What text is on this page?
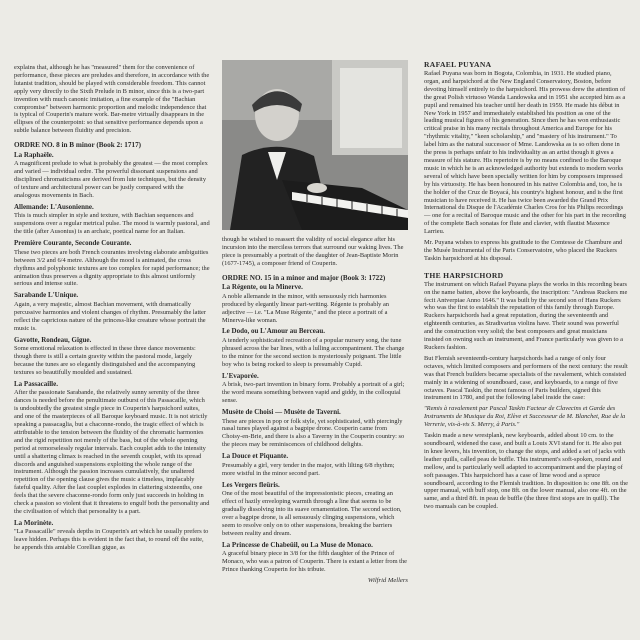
explains that, although he has "measured" them for the convenience of performance, these pieces are preludes and therefore, in accordance with the lutanist tradition, should be played with considerable freedom. This cannot apply very directly to the Sixth Prelude in B minor, since this is a two-part invention with much canonic imitation, a fine example of the "Bachian compromise" between harmonic proportion and melodic independence that is typical of Couperin's mature work. Bar-metre virtually disappears in the ellipses of the counterpoint: so that sensitive performance depends upon a subtle balance between fluidity and precision.

ORDRE NO. 8 in B minor (Book 2: 1717)
La Raphaële.

A magnificent prelude to what is probably the greatest — the most complex and varied — individual ordre. The powerful dissonant suspensions and disciplined chromaticisms are derived from lute techniques, but the density of texture and architectural power can be justly compared with the analogous movements in Bach.

Allemande: L'Ausonienne.

This is much simpler in style and texture, with Bachian sequences and suspensions over a regular metrical pulse. The mood is warmly pastoral, and the title (after Ausonius) is an archaic, poetical name for an Italian.

Première Courante, Seconde Courante.

These two pieces are both French courantes involving elaborate ambiguities between 3/2 and 6/4 metre. Although the mood is animated, the cross rhythms and polyphonic textures are too complex for rapid performance; the animation thus preserves a dignity appropriate to this almost uniformly serious and intense suite.

Sarabande L'Unique.

Again, a very majestic, almost Bachian movement, with dramatically percussive harmonies and violent changes of rhythm. Presumably the latter reflect the capricious nature of the princess-like creature whose portrait the music is.

Gavotte, Rondeau, Gigue.

Some emotional relaxation is effected in these three dance movements: though there is still a certain gravity within the pastoral mode, largely because the tunes are so elegantly distinguished and the accompanying textures so beautifully moulded and sustained.

La Passacaille.

After the passionate Sarabande, the relatively sunny serenity of the three dances is needed before the penultimate outburst of this Passacaille, which is undoubtedly the greatest single piece in Couperin's harpsichord suites, and one of the masterpieces of all Baroque keyboard music. It is not strictly speaking a passacaglia, but a chaconne-rondo, the tragic effect of which is attributable to the tension between the fluidity of the chromatic harmonies and the rigid repetition not merely of the bass, but of the whole opening period at remorselessly regular intervals. Each couplet adds to the intensity until a shattering climax is reached in the seventh couplet, with its spread discords and anguished suspensions exploiting the whole range of the instrument. Although the passion increases cumulatively, the unaltered repetition of the opening clause gives the music a timeless, implacably fateful quality. After the last couplet explodes in clattering sixteenths, one feels that the severe chaconne-rondo form only just succeeds in holding in check a passion so violent that it threatens to engulf both the personality and the civilisation of which that personality is a part.

La Morinète.

"La Passacaille" reveals depths in Couperin's art which he usually prefers to leave hidden. Perhaps this is evident in the fact that, to round off the suite, he appends this amiable Corellian gigue, as

though he wished to reassert the validity of social elegance after his incursion into the merciless terrors that surround our waking lives. The piece is presumably a portrait of the daughter of Jean-Baptiste Morin (1677-1745), a composer friend of Couperin.

ORDRE NO. 15 in a minor and major (Book 3: 1722)
La Régente, ou la Minerve.

A noble allemande in the minor, with sensuously rich harmonies produced by elegantly linear part-writing. Régente is probably an adjective — i.e. "La Muse Régente," and the piece a portrait of a Minerva-like woman.

Le Dodo, ou L'Amour au Berceau.

A tenderly sophisticated recreation of a popular nursery song, the tune phrased across the bar lines, with a lulling accompaniment. The change to the minor for the second section is mysteriously poignant. The little boy who is being rocked to sleep is presumably Cupid.

L'Evaporée.

A brisk, two-part invention in binary form. Probably a portrait of a girl; the word means something between vapid and giddy, in the colloquial sense.

Musète de Choisi — Musète de Taverni.

These are pieces in pop or folk style, yet sophisticated, with piercingly nasal tunes played against a bagpipe drone. Couperin came from Choisy-en-Brie, and there is also a Taverny in the Couperin country: so the pieces may be reminiscences of childhood delights.

La Douce et Piquante.

Presumably a girl, very tender in the major, with lilting 6/8 rhythm; more wistful in the minor second part.

Les Vergers fleüris.

One of the most beautiful of the impressionistic pieces, creating an effect of hazily enveloping warmth through a line that seems to be gradually dissolving into its suave ornamentation. The second section, over a bagpipe drone, is all sensuously clinging suspensions, which seem to resolve only on to other suspensions, breaking the barriers between reality and dream.

La Princesse de Chabeüil, ou La Muse de Monaco.

A graceful binary piece in 3/8 for the fifth daughter of the Prince of Monaco, who was a patron of Couperin. There is extant a letter from the Prince thanking Couperin for his tribute.

Wilfrid Mellers
RAFAEL PUYANA

Rafael Puyana was born in Bogota, Colombia, in 1931. He studied piano, organ, and harpsichord at the New England Conservatory, Boston, before devoting himself entirely to the harpsichord. His prowess drew the attention of the great Polish virtuoso Wanda Landowska and in 1951 she accepted him as a pupil and remained his teacher until her death in 1959. He made his début in New York in 1957 and immediately established his position as one of the leading musical figures of his generation. Since then he has won enthusiastic critical praise in his many recitals throughout America and Europe for his "rhythmic vitality," "keen scholarship," and "mastery of his instrument." To label him as the natural successor of Mme. Landowska as is so often done in the press is perhaps unfair to his individuality as an artist though it gives a measure of his stature. His repertoire is by no means confined to the Baroque music in which he is an acknowledged authority but extends to modern works several of which have been specially written for him by composers impressed by his virtuosity. He has been honoured in his native Colombia and, too, he is the holder of the Cruz de Boyacá, his country's highest honour, and is the first musician to have received it. He has twice been awarded the Grand Prix International du Disque de l'Académie Charles Cros for his Philips recordings — one for a recital of Baroque music and the other for his part in the recording of the complete Bach sonatas for flute and clavier, with flautist Maxence Larrieu.

Mr. Puyana wishes to express his gratitude to the Comtesse de Chambure and the Musée Instrumental of the Paris Conservatoire, who placed the Ruckers Taskin harpsichord at his disposal.

THE HARPSICHORD

The instrument on which Rafael Puyana plays the works in this recording bears on the name batten, above the keyboards, the inscription: "Andreas Ruckers me fecit Antverpiae Anno 1646." It was built by the second son of Hans Ruckers who was the first to establish the reputation of this family through Europe. Ruckers harpsichords had a great reputation, during the seventeenth and eighteenth centuries, as Stradivarius violins have. Their sound was powerful and the construction very solid; the best composers and great musicians insisted on owning such an instrument, and France particularly was given to a Ruckers fashion.

But Flemish seventeenth-century harpsichords had a range of only four octaves, which limited composers and performers of the next century: the result was that French builders became specialists of the ravalement, which consisted mainly in a widening of soundboard, case, and keyboards, to a range of five octaves. Pascal Taskin, the most famous of Paris builders, signed this instrument in 1780, and put the following label inside the case:

"Remis à ravalement par Pascal Taskin Facteur de Clavecins et Garde des Instruments de Musique du Roi, Elève et Successeur de M. Blanchet, Rue de la Verrerie, vis-à-vis S. Merry, à Paris."

Taskin made a new wrestplank, new keyboards, added about 10 cm. to the soundboard, widened the case, and built a Louis XVI stand for it. He also put in knee levers, his invention, to change the stops, and added a set of jacks with leather quills, called peau de buffle. This instrument's soft-spoken, round and mellow, and is particularly well adapted to accompaniment and the playing of soft passages. This harpsichord has a case of lime wood and a spruce soundboard, according to the Flemish tradition. In disposition is: one 8ft. on the upper manual, with buff stop, one 8ft. on the lower manual, also one 4ft. on the same, and a third 8ft. in peau de buffle (the three first stops are in quill). The two manuals can be coupled.
